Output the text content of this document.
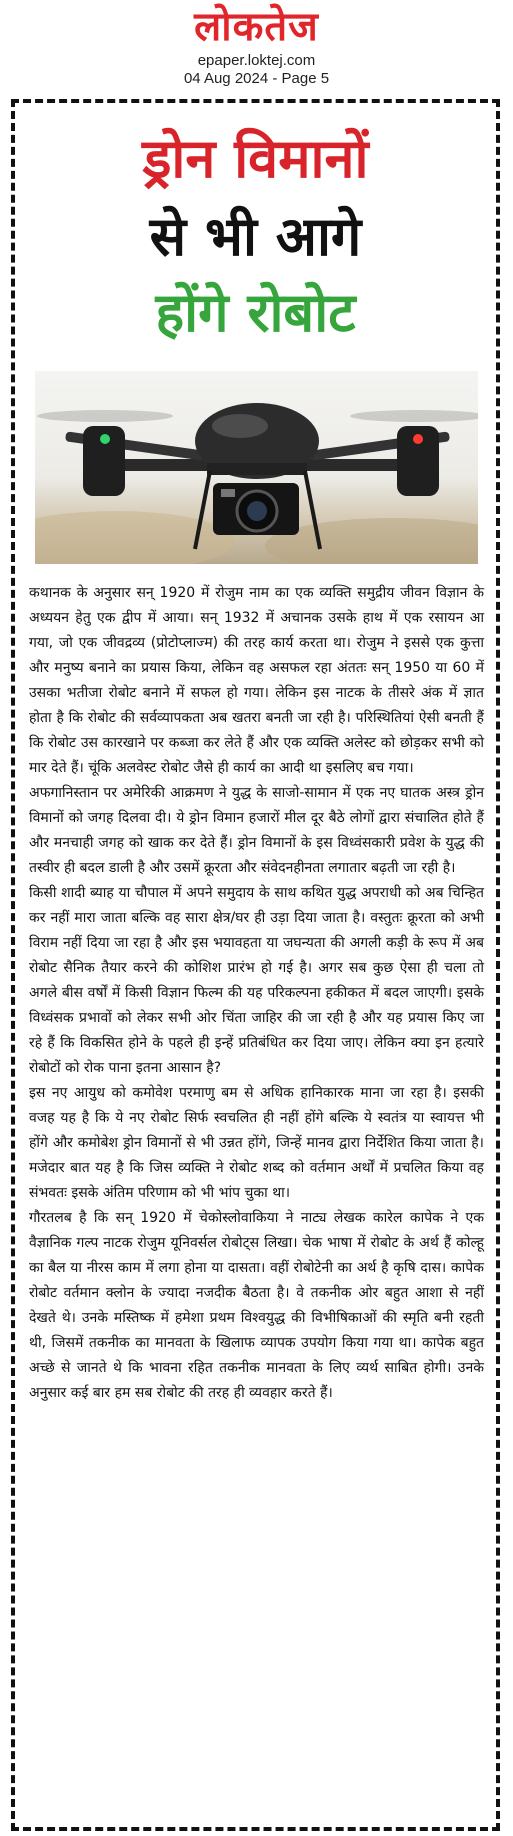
लोकतेज
epaper.loktej.com
04 Aug 2024 - Page 5
ड्रोन विमानों
से भी आगे
होंगे रोबोट

कथानक के अनुसार सन् 1920 में रोजुम नाम का एक व्यक्ति समुद्रीय जीवन विज्ञान के अध्ययन हेतु एक द्वीप में आया। सन् 1932 में अचानक उसके हाथ में एक रसायन आ गया, जो एक जीवद्रव्य (प्रोटोप्लाज्म) की तरह कार्य करता था। रोजुम ने इससे एक कुत्ता और मनुष्य बनाने का प्रयास किया, लेकिन वह असफल रहा अंततः सन् 1950 या 60 में उसका भतीजा रोबोट बनाने में सफल हो गया। लेकिन इस नाटक के तीसरे अंक में ज्ञात होता है कि रोबोट की सर्वव्यापकता अब खतरा बनती जा रही है। परिस्थितियां ऐसी बनती हैं कि रोबोट उस कारखाने पर कब्जा कर लेते हैं और एक व्यक्ति अलेस्ट को छोड़कर सभी को मार देते हैं। चूंकि अलवेस्ट रोबोट जैसे ही कार्य का आदी था इसलिए बच गया।

अफगानिस्तान पर अमेरिकी आक्रमण ने युद्ध के साजो-सामान में एक नए घातक अस्त्र ड्रोन विमानों को जगह दिलवा दी। ये ड्रोन विमान हजारों मील दूर बैठे लोगों द्वारा संचालित होते हैं और मनचाही जगह को खाक कर देते हैं। ड्रोन विमानों के इस विध्वंसकारी प्रवेश के युद्ध की तस्वीर ही बदल डाली है और उसमें क्रूरता और संवेदनहीनता लगातार बढ़ती जा रही है।

किसी शादी ब्याह या चौपाल में अपने समुदाय के साथ कथित युद्ध अपराधी को अब चिन्हित कर नहीं मारा जाता बल्कि वह सारा क्षेत्र/घर ही उड़ा दिया जाता है। वस्तुतः क्रूरता को अभी विराम नहीं दिया जा रहा है और इस भयावहता या जघन्यता की अगली कड़ी के रूप में अब रोबोट सैनिक तैयार करने की कोशिश प्रारंभ हो गई है। अगर सब कुछ ऐसा ही चला तो अगले बीस वर्षों में किसी विज्ञान फिल्म की यह परिकल्पना हकीकत में बदल जाएगी। इसके विध्वंसक प्रभावों को लेकर सभी ओर चिंता जाहिर की जा रही है और यह प्रयास किए जा रहे हैं कि विकसित होने के पहले ही इन्हें प्रतिबंधित कर दिया जाए। लेकिन क्या इन हत्यारे रोबोटों को रोक पाना इतना आसान है?

इस नए आयुध को कमोवेश परमाणु बम से अधिक हानिकारक माना जा रहा है। इसकी वजह यह है कि ये नए रोबोट सिर्फ स्वचलित ही नहीं होंगे बल्कि ये स्वतंत्र या स्वायत्त भी होंगे और कमोबेश ड्रोन विमानों से भी उन्नत होंगे, जिन्हें मानव द्वारा निर्देशित किया जाता है। मजेदार बात यह है कि जिस व्यक्ति ने रोबोट शब्द को वर्तमान अर्थों में प्रचलित किया वह संभवतः इसके अंतिम परिणाम को भी भांप चुका था।

गौरतलब है कि सन् 1920 में चेकोस्लोवाकिया ने नाट्य लेखक कारेल कापेक ने एक वैज्ञानिक गल्प नाटक रोजुम यूनिवर्सल रोबोट्स लिखा। चेक भाषा में रोबोट के अर्थ हैं कोल्हू का बैल या नीरस काम में लगा होना या दासता। वहीं रोबोटेनी का अर्थ है कृषि दास। कापेक रोबोट वर्तमान क्लोन के ज्यादा नजदीक बैठता है। वे तकनीक ओर बहुत आशा से नहीं देखते थे। उनके मस्तिष्क में हमेशा प्रथम विश्वयुद्ध की विभीषिकाओं की स्मृति बनी रहती थी, जिसमें तकनीक का मानवता के खिलाफ व्यापक उपयोग किया गया था। कापेक बहुत अच्छे से जानते थे कि भावना रहित तकनीक मानवता के लिए व्यर्थ साबित होगी। उनके अनुसार कई बार हम सब रोबोट की तरह ही व्यवहार करते हैं।
